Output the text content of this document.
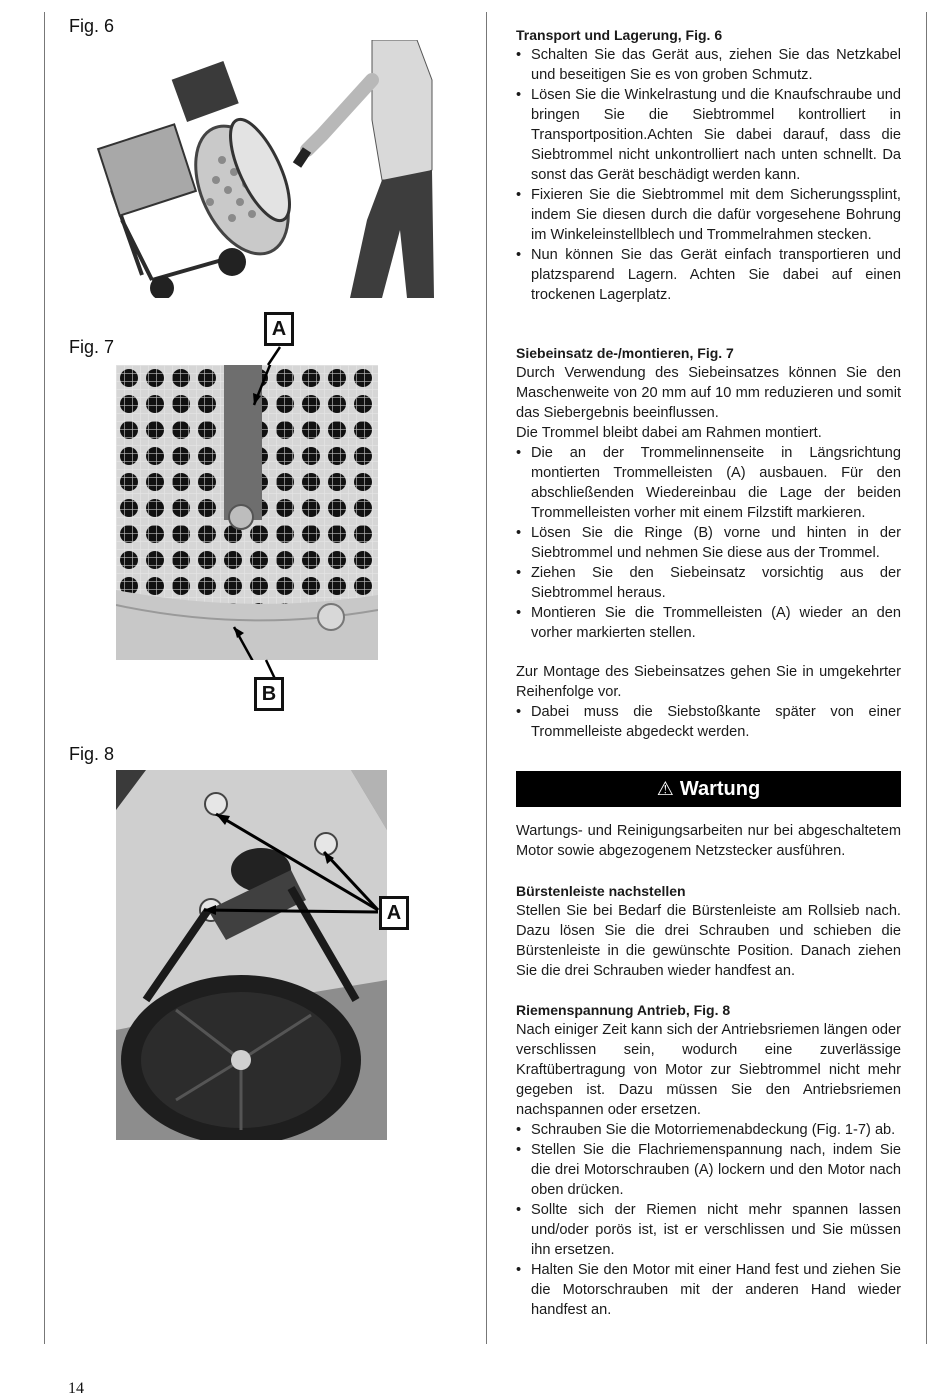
Fig. 6
Fig. 7
Fig. 8
A
B
A
Transport und Lagerung, Fig. 6
• Schalten Sie das Gerät aus, ziehen Sie das Netzkabel und beseitigen Sie es von groben Schmutz.
• Lösen Sie die Winkelrastung und die Knaufschraube und bringen Sie die Siebtrommel kontrolliert in Transportposition.Achten Sie dabei darauf, dass die Siebtrommel nicht unkontrolliert nach unten schnellt. Da sonst das Gerät beschädigt werden kann.
• Fixieren Sie die Siebtrommel mit dem Sicherungssplint, indem Sie diesen durch die dafür vorgesehene Bohrung im Winkeleinstellblech und Trommelrahmen stecken.
• Nun können Sie das Gerät einfach transportieren und platzsparend Lagern. Achten Sie dabei auf einen trockenen Lagerplatz.
Siebeinsatz de-/montieren, Fig. 7

Durch Verwendung des Siebeinsatzes können Sie den Maschenweite von 20 mm auf 10 mm reduzieren und somit das Siebergebnis beeinflussen.

Die Trommel bleibt dabei am Rahmen montiert.

• Die an der Trommelinnenseite in Längsrichtung montierten Trommelleisten (A) ausbauen. Für den abschließenden Wiedereinbau die Lage der beiden Trommelleisten vorher mit einem Filzstift markieren.
• Lösen Sie die Ringe (B) vorne und hinten in der Siebtrommel und nehmen Sie diese aus der Trommel.
• Ziehen Sie den Siebeinsatz vorsichtig aus der Siebtrommel heraus.
• Montieren Sie die Trommelleisten (A) wieder an den vorher markierten stellen.

Zur Montage des Siebeinsatzes gehen Sie in umgekehrter Reihenfolge vor.

• Dabei muss die Siebstoßkante später von einer Trommelleiste abgedeckt werden.
⚠ Wartung

Wartungs- und Reinigungsarbeiten nur bei abgeschaltetem Motor sowie abgezogenem Netzstecker ausführen.

Bürstenleiste nachstellen

Stellen Sie bei Bedarf die Bürstenleiste am Rollsieb nach. Dazu lösen Sie die drei Schrauben und schieben die Bürstenleiste in die gewünschte Position. Danach ziehen Sie die drei Schrauben wieder handfest an.

Riemenspannung Antrieb, Fig. 8

Nach einiger Zeit kann sich der Antriebsriemen längen oder verschlissen sein, wodurch eine zuverlässige Kraftübertragung von Motor zur Siebtrommel nicht mehr gegeben ist. Dazu müssen Sie den Antriebsriemen nachspannen oder ersetzen.

• Schrauben Sie die Motorriemenabdeckung (Fig. 1-7) ab.
• Stellen Sie die Flachriemenspannung nach, indem Sie die drei Motorschrauben (A) lockern und den Motor nach oben drücken.
• Sollte sich der Riemen nicht mehr spannen lassen und/oder porös ist, ist er verschlissen und Sie müssen ihn ersetzen.
• Halten Sie den Motor mit einer Hand fest und ziehen Sie die Motorschrauben mit der anderen Hand wieder handfest an.
14
